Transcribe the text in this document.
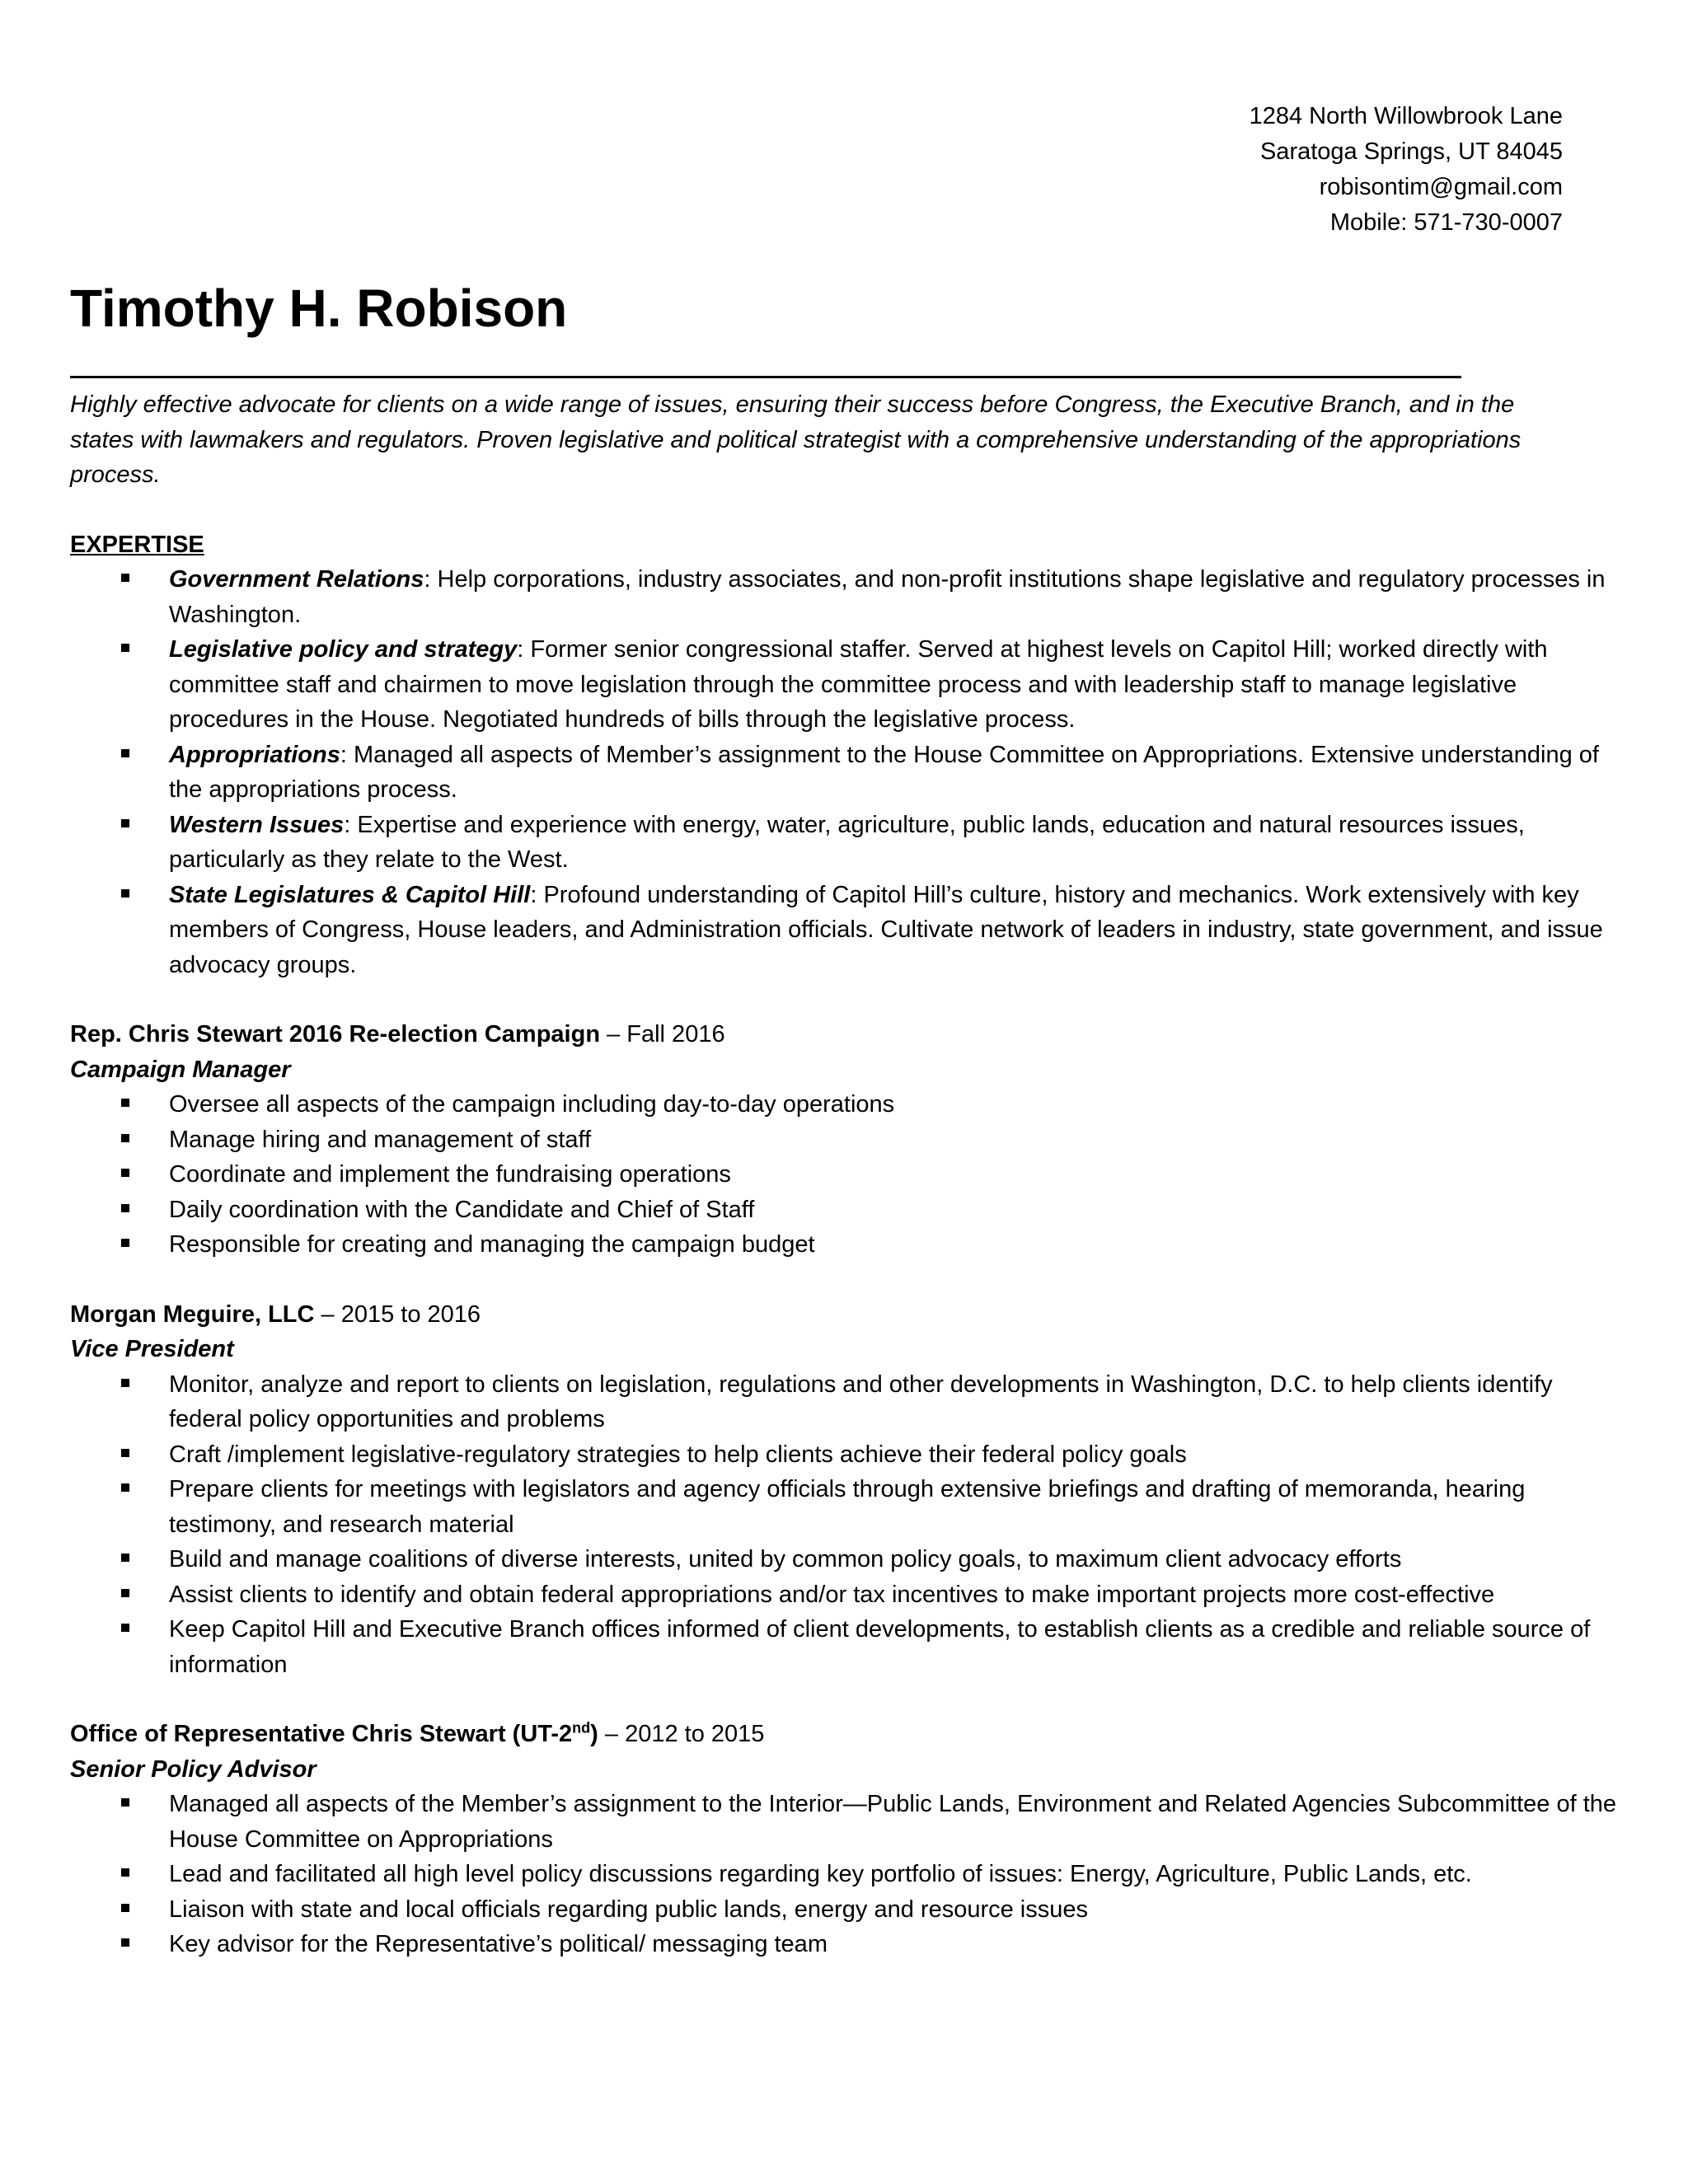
1284 North Willowbrook Lane
Saratoga Springs, UT 84045
robisontim@gmail.com
Mobile: 571-730-0007
Timothy H. Robison

Highly effective advocate for clients on a wide range of issues, ensuring their success before Congress, the Executive Branch, and in the states with lawmakers and regulators. Proven legislative and political strategist with a comprehensive understanding of the appropriations process.

EXPERTISE

Government Relations: Help corporations, industry associates, and non-profit institutions shape legislative and regulatory processes in Washington.
Legislative policy and strategy: Former senior congressional staffer. Served at highest levels on Capitol Hill; worked directly with committee staff and chairmen to move legislation through the committee process and with leadership staff to manage legislative procedures in the House. Negotiated hundreds of bills through the legislative process.
Appropriations: Managed all aspects of Member’s assignment to the House Committee on Appropriations. Extensive understanding of the appropriations process.
Western Issues: Expertise and experience with energy, water, agriculture, public lands, education and natural resources issues, particularly as they relate to the West.
State Legislatures & Capitol Hill: Profound understanding of Capitol Hill’s culture, history and mechanics. Work extensively with key members of Congress, House leaders, and Administration officials. Cultivate network of leaders in industry, state government, and issue advocacy groups.

Rep. Chris Stewart 2016 Re-election Campaign – Fall 2016

Campaign Manager

Oversee all aspects of the campaign including day-to-day operations
Manage hiring and management of staff
Coordinate and implement the fundraising operations
Daily coordination with the Candidate and Chief of Staff
Responsible for creating and managing the campaign budget

Morgan Meguire, LLC – 2015 to 2016

Vice President

Monitor, analyze and report to clients on legislation, regulations and other developments in Washington, D.C. to help clients identify federal policy opportunities and problems
Craft /implement legislative-regulatory strategies to help clients achieve their federal policy goals
Prepare clients for meetings with legislators and agency officials through extensive briefings and drafting of memoranda, hearing testimony, and research material
Build and manage coalitions of diverse interests, united by common policy goals, to maximum client advocacy efforts
Assist clients to identify and obtain federal appropriations and/or tax incentives to make important projects more cost-effective
Keep Capitol Hill and Executive Branch offices informed of client developments, to establish clients as a credible and reliable source of information

Office of Representative Chris Stewart (UT-2nd) – 2012 to 2015

Senior Policy Advisor

Managed all aspects of the Member’s assignment to the Interior—Public Lands, Environment and Related Agencies Subcommittee of the House Committee on Appropriations
Lead and facilitated all high level policy discussions regarding key portfolio of issues: Energy, Agriculture, Public Lands, etc.
Liaison with state and local officials regarding public lands, energy and resource issues
Key advisor for the Representative’s political/ messaging team
